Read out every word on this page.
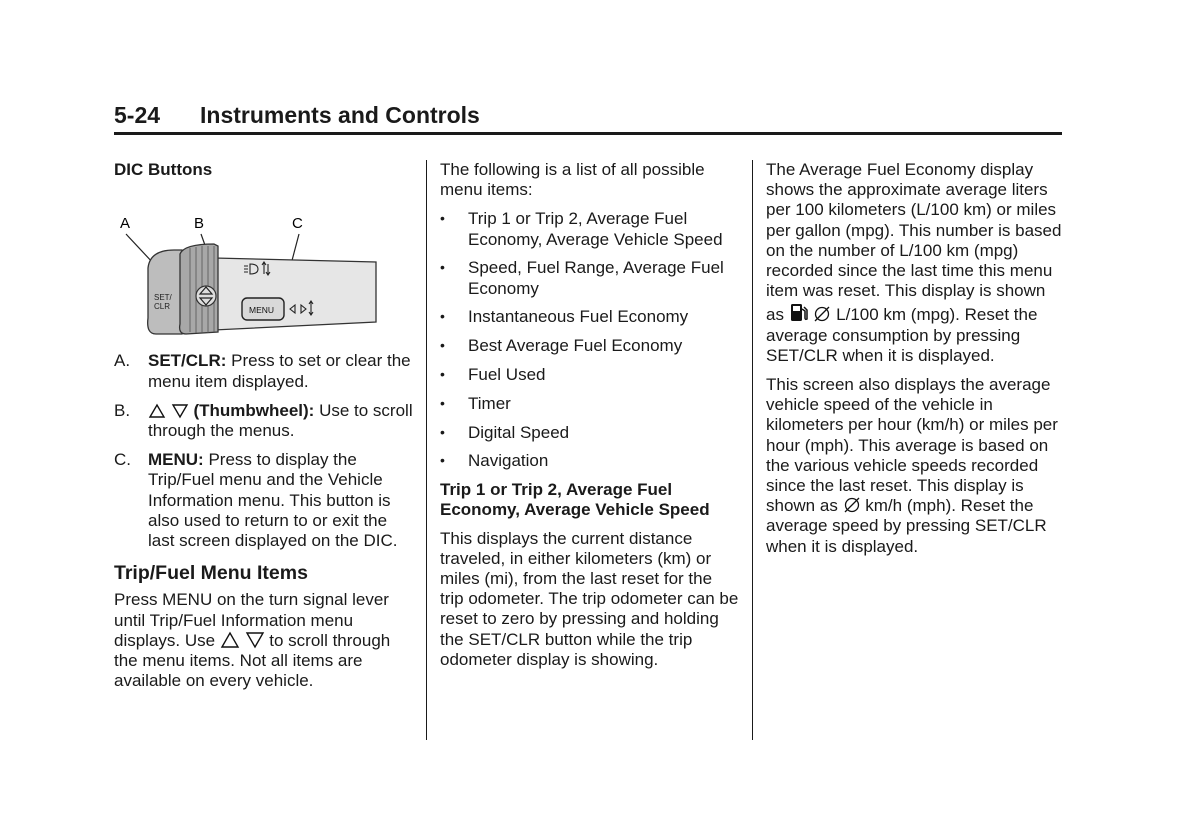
5-24 Instruments and Controls
DIC Buttons
A	B	C
SET/
CLR	MENU
A. SET/CLR: Press to set or clear the menu item displayed.
B.	(Thumbwheel): Use to scroll through the menus.
C. MENU: Press to display the Trip/Fuel menu and the Vehicle Information menu. This button is also used to return to or exit the last screen displayed on the DIC.
Trip/Fuel Menu Items

Press MENU on the turn signal lever until Trip/Fuel Information menu displays. Use	to scroll through the menu items. Not all items are available on every vehicle.

The following is a list of all possible menu items:

• Trip 1 or Trip 2, Average Fuel Economy, Average Vehicle Speed
• Speed, Fuel Range, Average Fuel Economy
• Instantaneous Fuel Economy
• Best Average Fuel Economy
• Fuel Used
• Timer
• Digital Speed
• Navigation
Trip 1 or Trip 2, Average Fuel Economy, Average Vehicle Speed

This displays the current distance traveled, in either kilometers (km) or miles (mi), from the last reset for the trip odometer. The trip odometer can be reset to zero by pressing and holding the SET/CLR button while the trip odometer display is showing.

The Average Fuel Economy display shows the approximate average liters per 100 kilometers (L/100 km) or miles per gallon (mpg). This number is based on the number of L/100 km (mpg) recorded since the last time this menu item was reset. This display is shown as	L/100 km (mpg). Reset the average consumption by pressing SET/CLR when it is displayed.

This screen also displays the average vehicle speed of the vehicle in kilometers per hour (km/h) or miles per hour (mph). This average is based on the various vehicle speeds recorded since the last reset. This display is shown as  km/h (mph). Reset the average speed by pressing SET/CLR when it is displayed.
